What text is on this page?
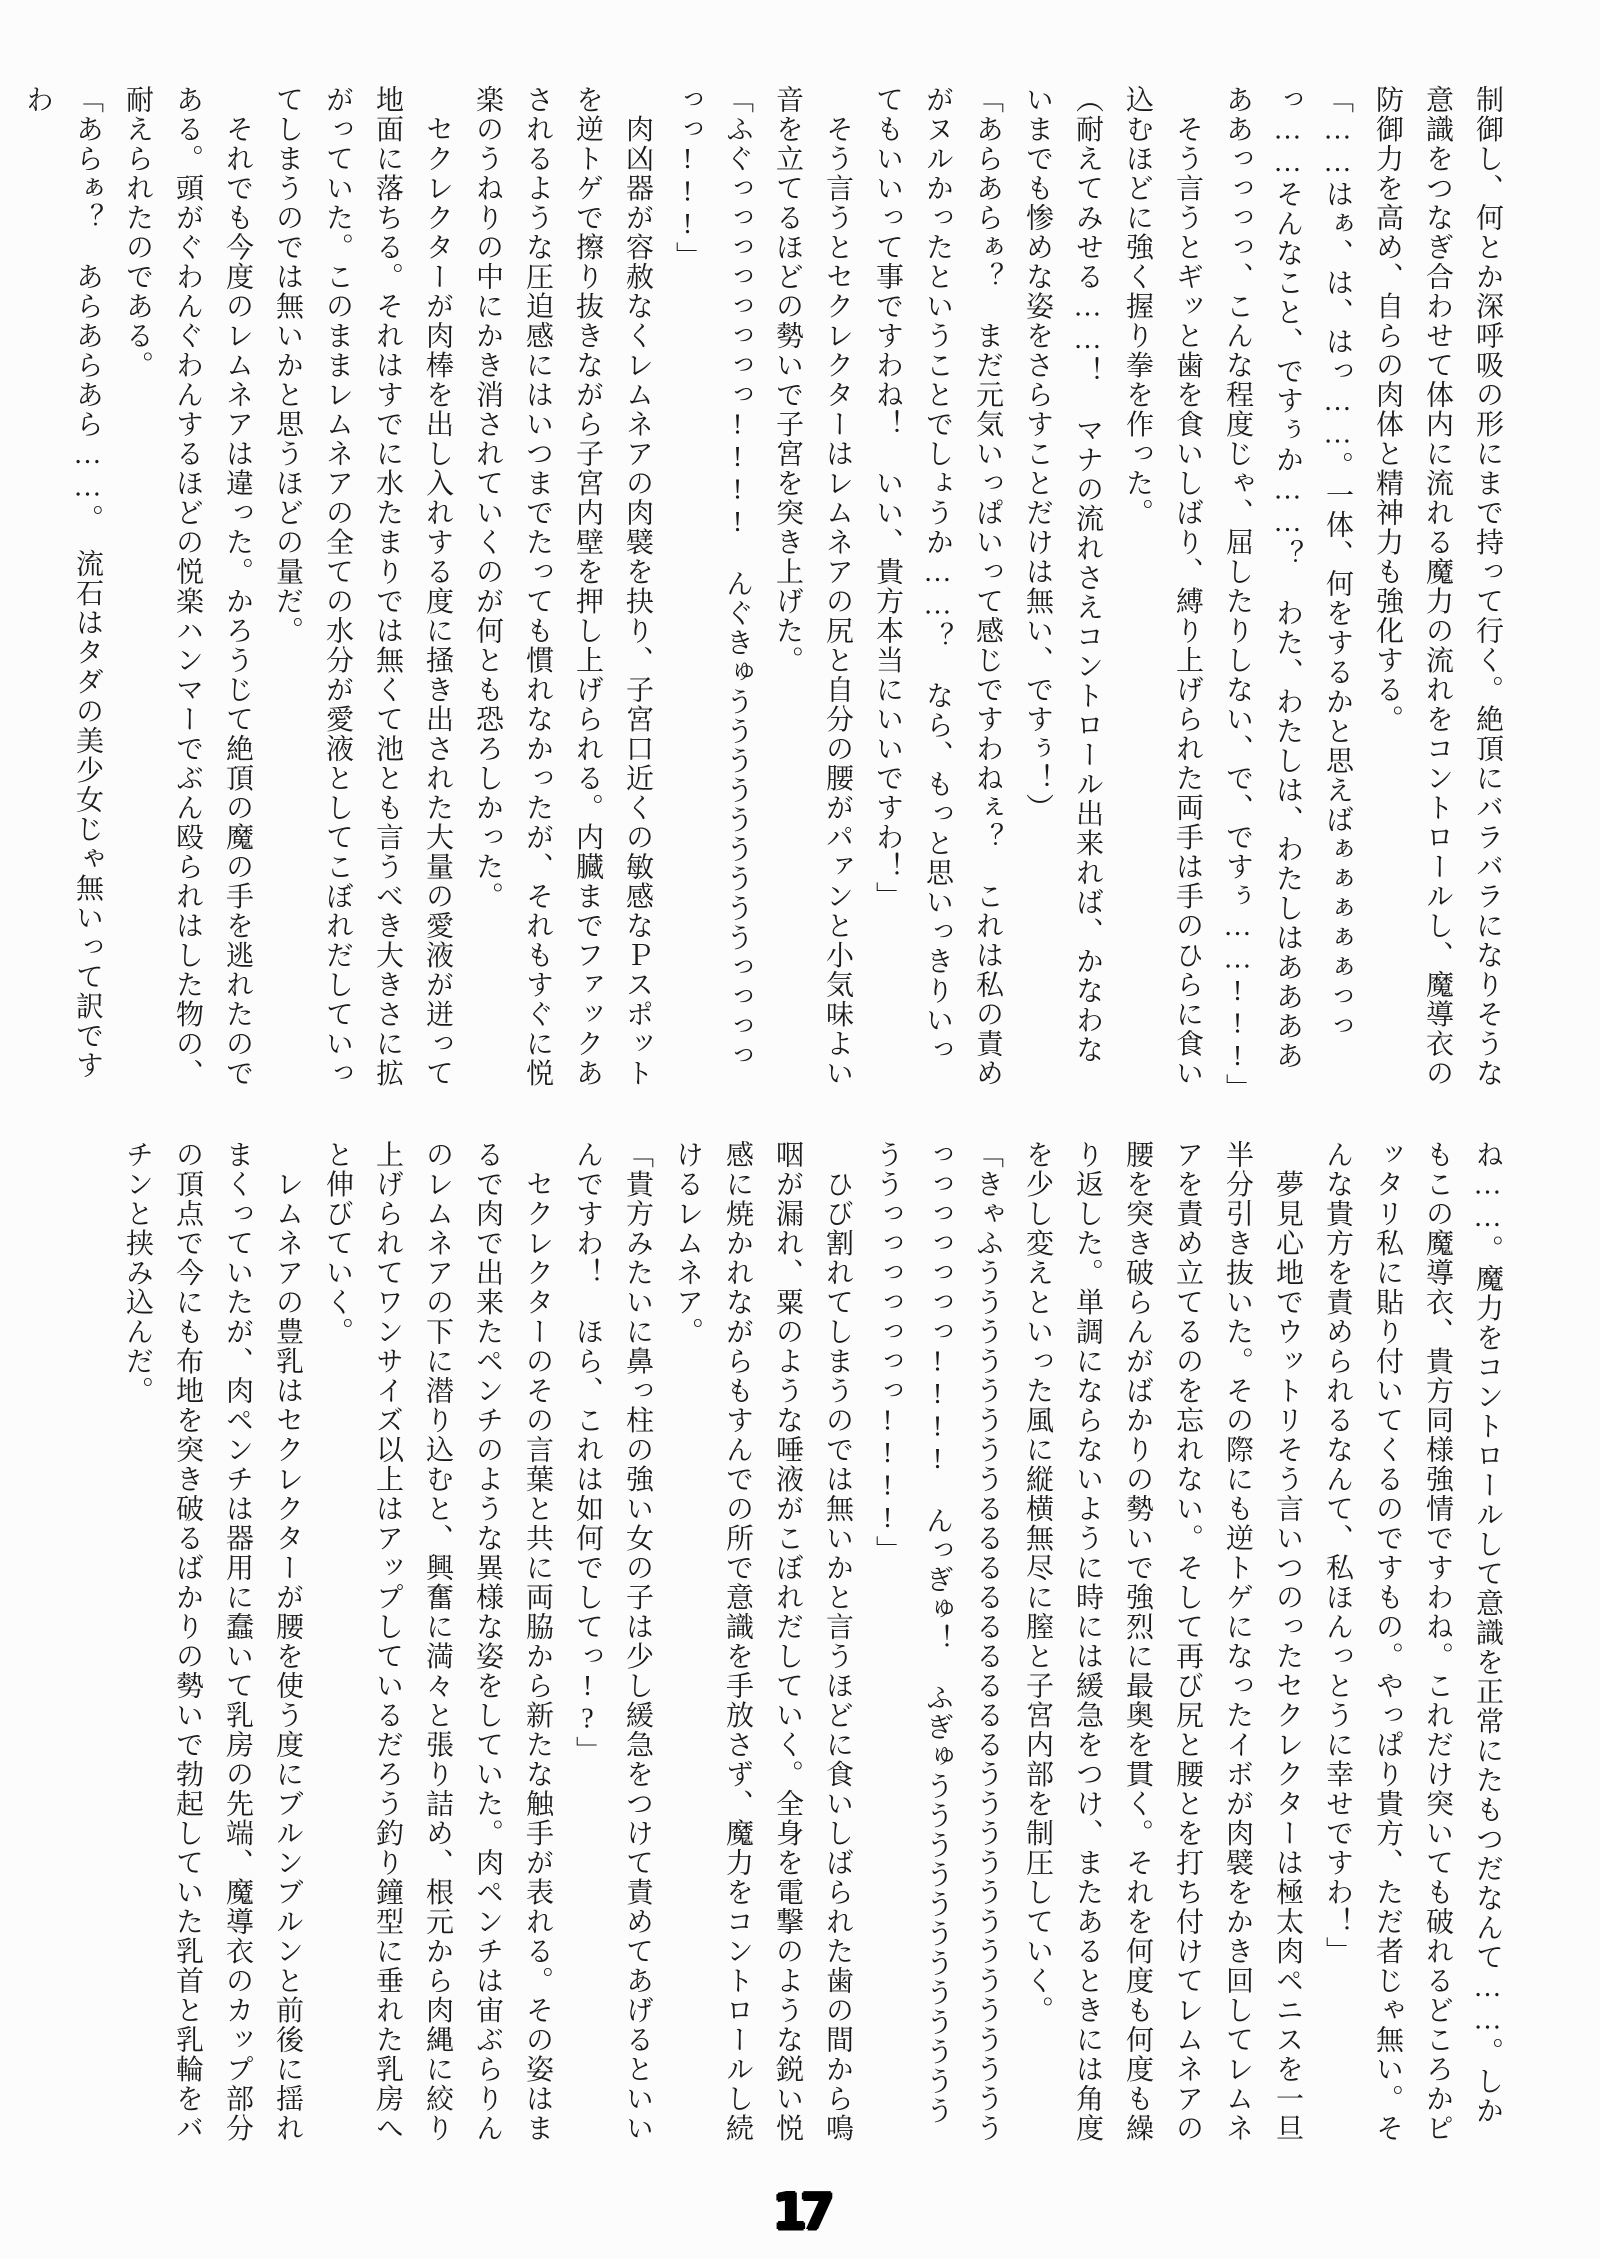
制御し、何とか深呼吸の形にまで持って行く。絶頂にバラバラになりそうな意識をつなぎ合わせて体内に流れる魔力の流れをコントロールし、魔導衣の防御力を高め、自らの肉体と精神力も強化する。

「……はぁ、は、はっ……。一体、何をするかと思えばぁぁぁぁぁっっっ……そんなこと、ですぅか……？　わた、わたしは、わたしはああああああっっっっ、こんな程度じゃ、屈したりしない、で、ですぅ……!!!」

　そう言うとギッと歯を食いしばり、縛り上げられた両手は手のひらに食い込むほどに強く握り拳を作った。

（耐えてみせる……！　マナの流れさえコントロール出来れば、かなわないまでも惨めな姿をさらすことだけは無い、ですぅ！）

「あらあらぁ？　まだ元気いっぱいって感じですわねぇ？　これは私の責めがヌルかったということでしょうか……？　なら、もっと思いっきりいってもいいって事ですわね！　いい、貴方本当にいいですわ！」

　そう言うとセクレクターはレムネアの尻と自分の腰がパァンと小気味よい音を立てるほどの勢いで子宮を突き上げた。

「ふぐっっっっっっっっ!!!!　んぐきゅうううううううううっっっっっっ!!!」

　肉凶器が容赦なくレムネアの肉襞を抉り、子宮口近くの敏感なＰスポットを逆トゲで擦り抜きながら子宮内壁を押し上げられる。内臓までファックあされるような圧迫感にはいつまでたっても慣れなかったが、それもすぐに悦楽のうねりの中にかき消されていくのが何とも恐ろしかった。

　セクレクターが肉棒を出し入れする度に掻き出された大量の愛液が迸って地面に落ちる。それはすでに水たまりでは無くて池とも言うべき大きさに拡がっていた。このままレムネアの全ての水分が愛液としてこぼれだしていってしまうのでは無いかと思うほどの量だ。

　それでも今度のレムネアは違った。かろうじて絶頂の魔の手を逃れたのである。頭がぐわんぐわんするほどの悦楽ハンマーでぶん殴られはした物の、耐えられたのである。

「あらぁ？　あらあらあら……。　流石はタダの美少女じゃ無いって訳ですわ

ね……。魔力をコントロールして意識を正常にたもつだなんて……。しかもこの魔導衣、貴方同様強情ですわね。これだけ突いても破れるどころかピッタリ私に貼り付いてくるのですもの。やっぱり貴方、ただ者じゃ無い。そんな貴方を責められるなんて、私ほんっとうに幸せですわ！」

　夢見心地でウットリそう言いつのったセクレクターは極太肉ペニスを一旦半分引き抜いた。その際にも逆トゲになったイボが肉襞をかき回してレムネアを責め立てるのを忘れない。そして再び尻と腰とを打ち付けてレムネアの腰を突き破らんがばかりの勢いで強烈に最奥を貫く。それを何度も何度も繰り返した。単調にならないように時には緩急をつけ、またあるときには角度を少し変えといった風に縦横無尽に膣と子宮内部を制圧していく。

「きゃふううううううううるるるるるるるるるうううううううううううううっっっっっっっ!!!!　んっぎゅ！　ふぎゅううううううううううううううっっっっっっっ!!!!」

　ひび割れてしまうのでは無いかと言うほどに食いしばられた歯の間から鳴咽が漏れ、粟のような唾液がこぼれだしていく。全身を電撃のような鋭い悦感に焼かれながらもすんでの所で意識を手放さず、魔力をコントロールし続けるレムネア。

「貴方みたいに鼻っ柱の強い女の子は少し緩急をつけて責めてあげるといいんですわ！　ほら、これは如何でしてっ!?」

　セクレクターのその言葉と共に両脇から新たな触手が表れる。その姿はまるで肉で出来たペンチのような異様な姿をしていた。肉ペンチは宙ぶらりんのレムネアの下に潜り込むと、興奮に満々と張り詰め、根元から肉縄に絞り上げられてワンサイズ以上はアップしているだろう釣り鐘型に垂れた乳房へと伸びていく。

　レムネアの豊乳はセクレクターが腰を使う度にブルンブルンと前後に揺れまくっていたが、肉ペンチは器用に蠢いて乳房の先端、魔導衣のカップ部分の頂点で今にも布地を突き破るばかりの勢いで勃起していた乳首と乳輪をバチンと挟み込んだ。

17
